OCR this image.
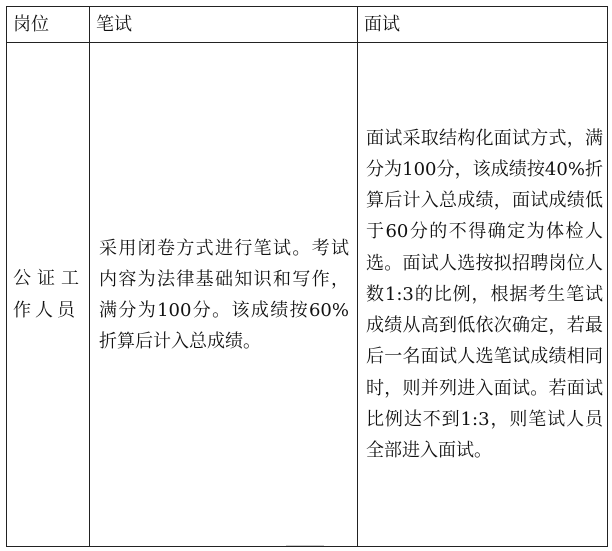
岗位	笔试	面试

公证工作人员	采用闭卷方式进行笔试。考试内容为法律基础知识和写作，满分为100分。该成绩按60%折算后计入总成绩。	面试采取结构化面试方式，满分为100分，该成绩按40%折算后计入总成绩，面试成绩低于60分的不得确定为体检人选。面试人选按拟招聘岗位人数1:3的比例，根据考生笔试成绩从高到低依次确定，若最后一名面试人选笔试成绩相同时，则并列进入面试。若面试比例达不到1:3，则笔试人员全部进入面试。
